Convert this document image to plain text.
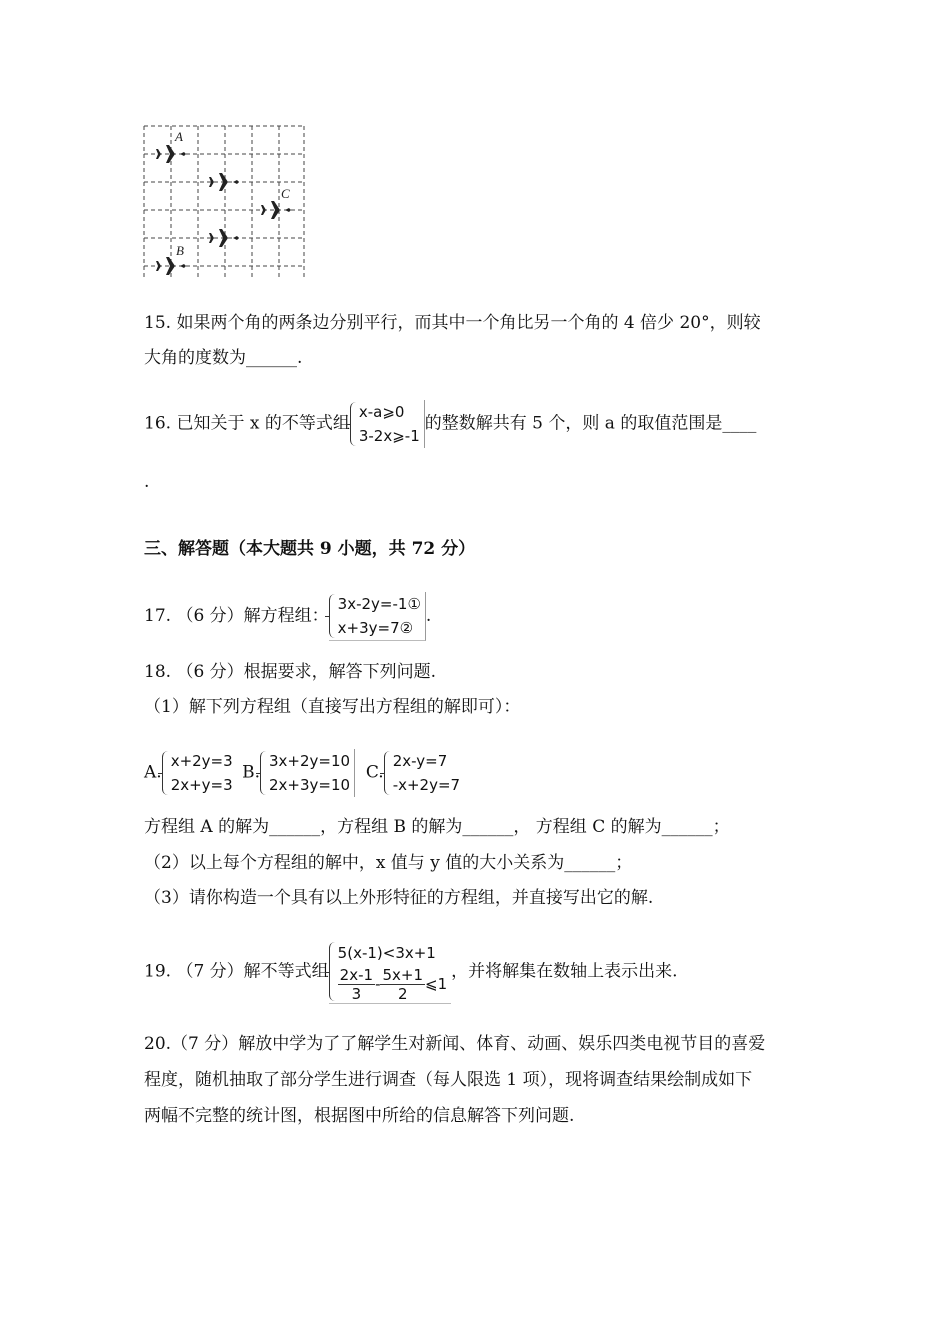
A
C
B
15. 如果两个角的两条边分别平行，而其中一个角比另一个角的 4 倍少 20°，则较
大角的度数为______.
16. 已知关于 x 的不等式组
x-a⩾0
3-2x⩾-1
的整数解共有 5 个，则 a 的取值范围是____
.
三、解答题（本大题共 9 小题，共 72 分）
17. （6 分）解方程组：
3x-2y=-1①
x+3y=7②
.
18. （6 分）根据要求，解答下列问题.
（1）解下列方程组（直接写出方程组的解即可）：
A.
x+2y=3
2x+y=3
B.
3x+2y=10
2x+3y=10
C.
2x-y=7
-x+2y=7
方程组 A 的解为______，方程组 B 的解为______， 方程组 C 的解为______；
（2）以上每个方程组的解中，x 值与 y 值的大小关系为______；
（3）请你构造一个具有以上外形特征的方程组，并直接写出它的解.
19. （7 分）解不等式组
5(x-1)<3x+1
$\frac{2x-1}{3} - \frac{5x+1}{2}$ ⩽1
，并将解集在数轴上表示出来.
20.（7 分）解放中学为了了解学生对新闻、体育、动画、娱乐四类电视节目的喜爱
程度，随机抽取了部分学生进行调查（每人限选 1 项），现将调查结果绘制成如下
两幅不完整的统计图，根据图中所给的信息解答下列问题.
